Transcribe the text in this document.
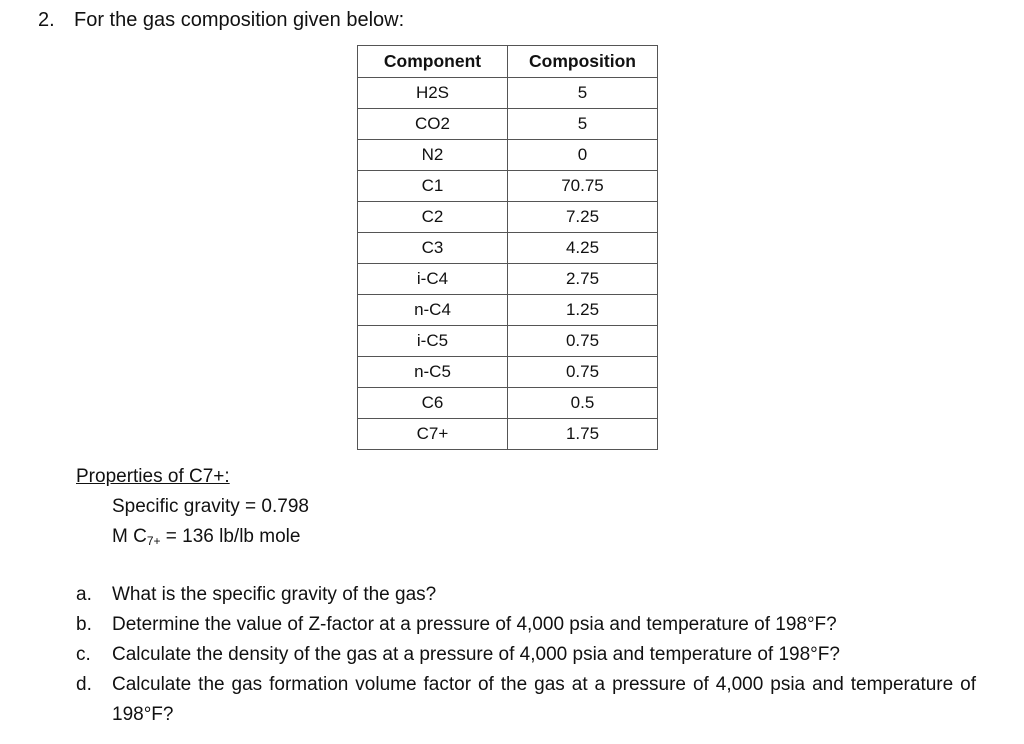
2. For the gas composition given below:
Component	Composition
H2S	5
CO2	5
N2	0
C1	70.75
C2	7.25
C3	4.25
i-C4	2.75
n-C4	1.25
i-C5	0.75
n-C5	0.75
C6	0.5
C7+	1.75
Properties of C7+:
Specific gravity = 0.798
M $C_{7+} = 136$ lb/lb mole
a.	What is the specific gravity of the gas?
b.	Determine the value of Z-factor at a pressure of 4,000 psia and temperature of 198°F?
c.	Calculate the density of the gas at a pressure of 4,000 psia and temperature of 198°F?
d.	Calculate the gas formation volume factor of the gas at a pressure of 4,000 psia and temperature of 198°F?
